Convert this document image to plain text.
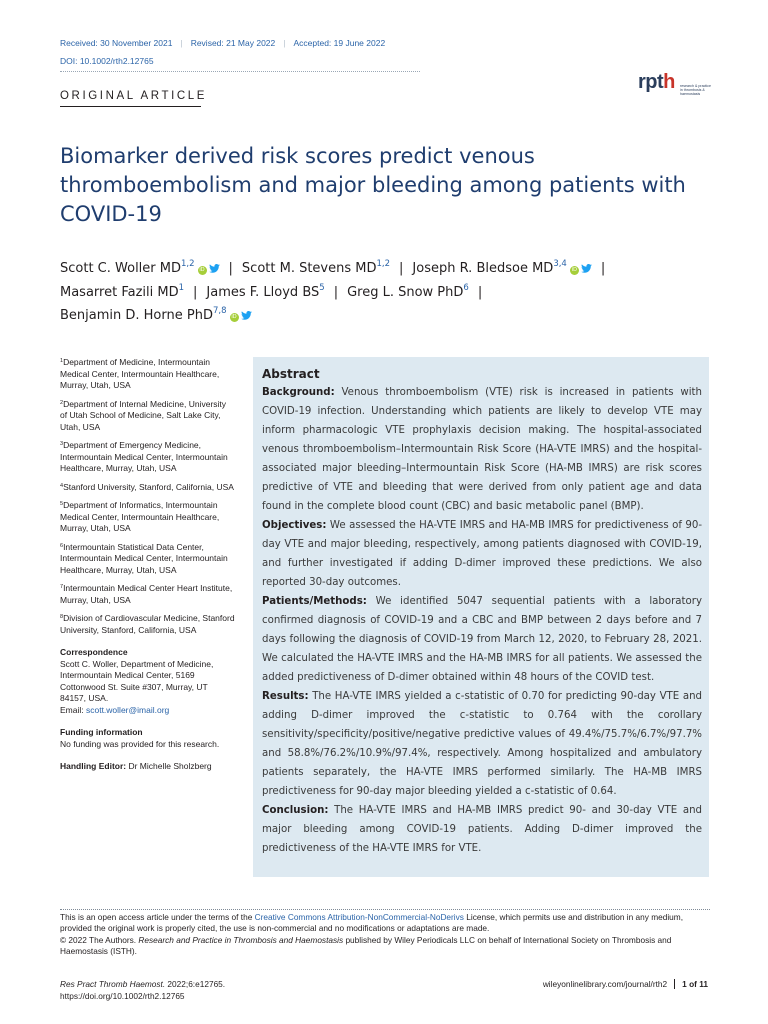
Received: 30 November 2021 | Revised: 21 May 2022 | Accepted: 19 June 2022
DOI: 10.1002/rth2.12765
rpth	research & practice in thrombosis & haemostasis
ORIGINAL ARTICLE
Biomarker derived risk scores predict venous thromboembolism and major bleeding among patients with COVID-19
Scott C. Woller MD$^{1,2}$iD | Scott M. Stevens MD$^{1,2}$ | Joseph R. Bledsoe MD$^{3,4}$iD |
Masarret Fazili $MD^1$ | James F. Lloyd $BS^5$ | Greg L. Snow PhD$^6$ |
Benjamin D. Horne PhD$^{7,8}$iD
$^1$Department of Medicine, Intermountain Medical Center, Intermountain Healthcare, Murray, Utah, USA
$^2$Department of Internal Medicine, University of Utah School of Medicine, Salt Lake City, Utah, USA
$^3$Department of Emergency Medicine, Intermountain Medical Center, Intermountain Healthcare, Murray, Utah, USA
$^4$Stanford University, Stanford, California, USA
$^5$Department of Informatics, Intermountain Medical Center, Intermountain Healthcare, Murray, Utah, USA
$^6$Intermountain Statistical Data Center, Intermountain Medical Center, Intermountain Healthcare, Murray, Utah, USA
$^7$Intermountain Medical Center Heart Institute, Murray, Utah, USA
$^8$Division of Cardiovascular Medicine, Stanford University, Stanford, California, USA
Correspondence
Scott C. Woller, Department of Medicine, Intermountain Medical Center, 5169 Cottonwood St. Suite #307, Murray, UT 84157, USA.
Email: scott.woller@imail.org
Funding information
No funding was provided for this research.
Handling Editor: Dr Michelle Sholzberg
Abstract

Background: Venous thromboembolism (VTE) risk is increased in patients with COVID-19 infection. Understanding which patients are likely to develop VTE may inform pharmacologic VTE prophylaxis decision making. The hospital-associated venous thromboembolism–Intermountain Risk Score (HA-VTE IMRS) and the hospital-associated major bleeding–Intermountain Risk Score (HA-MB IMRS) are risk scores predictive of VTE and bleeding that were derived from only patient age and data found in the complete blood count (CBC) and basic metabolic panel (BMP).

Objectives: We assessed the HA-VTE IMRS and HA-MB IMRS for predictiveness of 90-day VTE and major bleeding, respectively, among patients diagnosed with COVID-19, and further investigated if adding D-dimer improved these predictions. We also reported 30-day outcomes.

Patients/Methods: We identified 5047 sequential patients with a laboratory confirmed diagnosis of COVID-19 and a CBC and BMP between 2 days before and 7 days following the diagnosis of COVID-19 from March 12, 2020, to February 28, 2021. We calculated the HA-VTE IMRS and the HA-MB IMRS for all patients. We assessed the added predictiveness of D-dimer obtained within 48 hours of the COVID test.

Results: The HA-VTE IMRS yielded a c-statistic of 0.70 for predicting 90-day VTE and adding D-dimer improved the c-statistic to 0.764 with the corollary sensitivity/specificity/positive/negative predictive values of 49.4%/75.7%/6.7%/97.7% and 58.8%/76.2%/10.9%/97.4%, respectively. Among hospitalized and ambulatory patients separately, the HA-VTE IMRS performed similarly. The HA-MB IMRS predictiveness for 90-day major bleeding yielded a c-statistic of 0.64.

Conclusion: The HA-VTE IMRS and HA-MB IMRS predict 90- and 30-day VTE and major bleeding among COVID-19 patients. Adding D-dimer improved the predictiveness of the HA-VTE IMRS for VTE.

This is an open access article under the terms of the Creative Commons Attribution-NonCommercial-NoDerivs License, which permits use and distribution in any medium, provided the original work is properly cited, the use is non-commercial and no modifications or adaptations are made.
© 2022 The Authors. Research and Practice in Thrombosis and Haemostasis published by Wiley Periodicals LLC on behalf of International Society on Thrombosis and Haemostasis (ISTH).
Res Pract Thromb Haemost. 2022;6:e12765.
https://doi.org/10.1002/rth2.12765
wileyonlinelibrary.com/journal/rth2 1 of 11
